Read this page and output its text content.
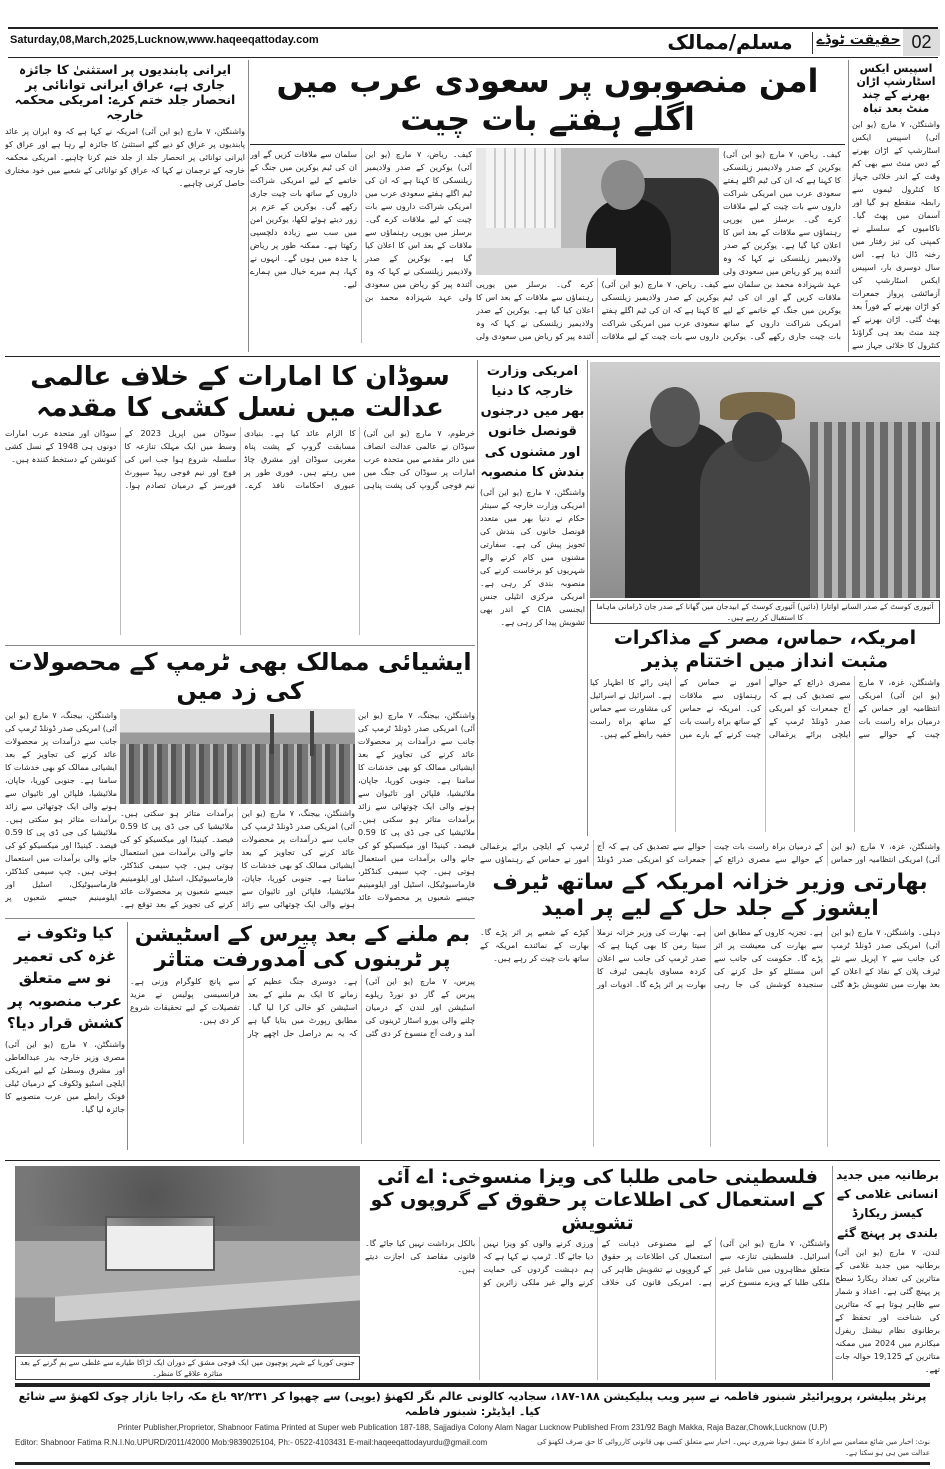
Saturday,08,March,2025,Lucknow,www.haqeeqattoday.com	مسلم/ممالک	حقیقت ٹوڈے 02
اسپیس ایکس اسٹارشپ اڑان بھرنے کے چند منٹ بعد تباہ
واشنگٹن، ۷ مارچ (یو این آئی) اسپیس ایکس اسٹارشپ کے اڑان بھرنے کے دس منٹ سے بھی کم وقت کے اندر خلائی جہاز کا کنٹرول ٹیموں سے رابطہ منقطع ہو گیا اور آسمان میں پھٹ گیا۔ ناکامیوں کے سلسلے نے کمپنی کی تیز رفتار میں رخنہ ڈال دیا ہے۔ اس سال دوسری بار، اسپیس ایکس اسٹارشپ کی آزمائشی پرواز جمعرات کو اڑان بھرنے کے فوراً بعد پھٹ گئی۔ اڑان بھرنے کے چند منٹ بعد ہی گراؤنڈ کنٹرول کا خلائی جہاز سے
امن منصوبوں پر سعودی عرب میں اگلے ہفتے بات چیت
کیف۔ ریاض، ۷ مارچ (یو این آئی) یوکرین کے صدر ولادیمیر زیلنسکی کا کہنا ہے کہ ان کی ٹیم اگلے ہفتے سعودی عرب میں امریکی شراکت داروں سے بات چیت کے لیے ملاقات کرے گی۔ برسلز میں یورپی رہنماؤں سے ملاقات کے بعد اس کا اعلان کیا گیا ہے۔ یوکرین کے صدر ولادیمیر زیلنسکی نے کہا کہ وہ آئندہ پیر کو ریاض میں سعودی ولی عہد شہزادہ محمد بن سلمان سے ملاقات کریں گے اور ان کی ٹیم یوکرین میں جنگ کے خاتمے کے لیے امریکی شراکت داروں کے ساتھ بات چیت جاری رکھے گی۔ یوکرین کے عزم پر زور دیتے ہوئے لکھا، یوکرین امن میں سب سے زیادہ دلچسپی رکھتا ہے۔ ممکنہ طور پر ریاض یا جدہ میں ہوں گے۔ انہوں نے کہا، ہم میرے خیال میں ہمارے لیے۔	کیف۔ ریاض، ۷ مارچ (یو این آئی) یوکرین کے صدر ولادیمیر زیلنسکی کا کہنا ہے کہ ان کی ٹیم اگلے ہفتے سعودی عرب میں امریکی شراکت داروں سے بات چیت کے لیے ملاقات کرے گی۔ برسلز میں یورپی رہنماؤں سے ملاقات کے بعد اس کا اعلان کیا گیا ہے۔ یوکرین کے صدر ولادیمیر زیلنسکی نے کہا کہ وہ آئندہ پیر کو ریاض میں سعودی ولی
کیف۔ ریاض، ۷ مارچ (یو این آئی) یوکرین کے صدر ولادیمیر زیلنسکی کا کہنا ہے کہ ان کی ٹیم اگلے ہفتے سعودی عرب میں امریکی شراکت داروں سے بات چیت کے لیے ملاقات کرے گی۔ برسلز میں یورپی رہنماؤں سے ملاقات کے بعد اس کا اعلان کیا گیا ہے۔ یوکرین کے صدر ولادیمیر زیلنسکی نے کہا کہ وہ آئندہ پیر کو ریاض میں سعودی ولی عہد شہزادہ محمد بن سلمان سے ملاقات کریں گے اور ان کی ٹیم یوکرین میں جنگ کے خاتمے کے لیے امریکی شراکت داروں کے ساتھ بات چیت جاری رکھے گی۔ یوکرین
ایرانی پابندیوں پر استثنیٰ کا جائزہ جاری ہے، عراق ایرانی توانائی پر انحصار جلد ختم کرے: امریکی محکمہ خارجہ
واشنگٹن، ۷ مارچ (یو این آئی) امریکہ نے کہا ہے کہ وہ ایران پر عائد پابندیوں پر عراق کو دیے گئے استثنیٰ کا جائزہ لے رہا ہے اور عراق کو ایرانی توانائی پر انحصار جلد از جلد ختم کرنا چاہیے۔ امریکی محکمہ خارجہ کے ترجمان نے کہا کہ عراق کو توانائی کے شعبے میں خود مختاری حاصل کرنی چاہیے۔
آئیوری کوسٹ کے صدر السانے اواتارا (دائیں) آئیوری کوسٹ کے ابیدجان میں گھانا کے صدر جان ڈرامانی ماہاما کا استقبال کر رہے ہیں۔
امریکہ، حماس، مصر کے مذاکرات مثبت انداز میں اختتام پذیر
واشنگٹن، غزہ، ۷ مارچ (یو این آئی) امریکی انتظامیہ اور حماس کے درمیان براہ راست بات چیت کے حوالے سے مصری ذرائع کے حوالے سے تصدیق کی ہے کہ آج جمعرات کو امریکی صدر ڈونلڈ ٹرمپ کے ایلچی برائے یرغمالی امور نے حماس کے رہنماؤں سے ملاقات کی۔ امریکہ نے حماس کے ساتھ براہ راست بات چیت کرنے کے بارے میں اپنی رائے کا اظہار کیا ہے۔ اسرائیل نے اسرائیل کی مشاورت سے حماس کے ساتھ براہ راست خفیہ رابطے کیے ہیں۔
سوڈان کا امارات کے خلاف عالمی عدالت میں نسل کشی کا مقدمہ
خرطوم، ۷ مارچ (یو این آئی) سوڈان نے عالمی عدالت انصاف میں دائر مقدمے میں متحدہ عرب امارات پر سوڈان کی جنگ میں نیم فوجی گروپ کی پشت پناہی کا الزام عائد کیا ہے۔ بنیادی مسابقت گروپ کے پشت پناہ مغربی سوڈان اور مشرق چاڈ میں رہتے ہیں۔ فوری طور پر عبوری احکامات نافذ کرے۔ سوڈان میں اپریل 2023 کے وسط میں ایک مہلک تنازعہ کا سلسلہ شروع ہوا جب اس کی فوج اور نیم فوجی ریپڈ سپورٹ فورسز کے درمیان تصادم ہوا۔ سوڈان اور متحدہ عرب امارات دونوں ہی 1948 کے نسل کشی کنونشن کے دستخط کنندہ ہیں۔
امریکی وزارت خارجہ کا دنیا بھر میں درجنوں قونصل خانوں اور مشنوں کی بندش کا منصوبہ
واشنگٹن، ۷ مارچ (یو این آئی) امریکی وزارت خارجہ کے سینئر حکام نے دنیا بھر میں متعدد قونصل خانوں کی بندش کی تجویز پیش کی ہے۔ سفارتی مشنوں میں کام کرنے والے شہریوں کو برخاست کرنے کی منصوبہ بندی کر رہی ہے۔ امریکی مرکزی انٹیلی جنس ایجنسی CIA کے اندر بھی تشویش پیدا کر رہی ہے۔
ایشیائی ممالک بھی ٹرمپ کے محصولات کی زد میں
واشنگٹن، بیجنگ، ۷ مارچ (یو این آئی) امریکی صدر ڈونلڈ ٹرمپ کی جانب سے درآمدات پر محصولات عائد کرنے کی تجاویز کے بعد ایشیائی ممالک کو بھی خدشات کا سامنا ہے۔ جنوبی کوریا، جاپان، ملائیشیا، فلپائن اور تائیوان سے ہونے والی ایک چوتھائی سے زائد برآمدات متاثر ہو سکتی ہیں۔ ملائیشیا کی جی ڈی پی کا 0.59 فیصد۔ کینیڈا اور میکسیکو کو کی جانے والی برآمدات میں استعمال ہوتی ہیں۔ چپ سیمی کنڈکٹر، فارماسیوٹیکل، اسٹیل اور ایلومینیم جیسے شعبوں پر
واشنگٹن، بیجنگ، ۷ مارچ (یو این آئی) امریکی صدر ڈونلڈ ٹرمپ کی جانب سے درآمدات پر محصولات عائد کرنے کی تجاویز کے بعد ایشیائی ممالک کو بھی خدشات کا سامنا ہے۔ جنوبی کوریا، جاپان، ملائیشیا، فلپائن اور تائیوان سے ہونے والی ایک چوتھائی سے زائد برآمدات متاثر ہو سکتی ہیں۔ ملائیشیا کی جی ڈی پی کا 0.59 فیصد۔ کینیڈا اور میکسیکو کو کی جانے والی برآمدات میں استعمال ہوتی ہیں۔ چپ سیمی کنڈکٹر، فارماسیوٹیکل، اسٹیل اور ایلومینیم جیسے شعبوں پر محصولات عائد کرنے کی تجویز کے بعد توقع ہے۔
واشنگٹن، بیجنگ، ۷ مارچ (یو این آئی) امریکی صدر ڈونلڈ ٹرمپ کی جانب سے درآمدات پر محصولات عائد کرنے کی تجاویز کے بعد ایشیائی ممالک کو بھی خدشات کا سامنا ہے۔ جنوبی کوریا، جاپان، ملائیشیا، فلپائن اور تائیوان سے ہونے والی ایک چوتھائی سے زائد برآمدات متاثر ہو سکتی ہیں۔ ملائیشیا کی جی ڈی پی کا 0.59 فیصد۔ کینیڈا اور میکسیکو کو کی جانے والی برآمدات میں استعمال ہوتی ہیں۔ چپ سیمی کنڈکٹر، فارماسیوٹیکل، اسٹیل اور ایلومینیم جیسے شعبوں پر محصولات عائد
واشنگٹن، غزہ، ۷ مارچ (یو این آئی) امریکی انتظامیہ اور حماس کے درمیان براہ راست بات چیت کے حوالے سے مصری ذرائع کے حوالے سے تصدیق کی ہے کہ آج جمعرات کو امریکی صدر ڈونلڈ ٹرمپ کے ایلچی برائے یرغمالی امور نے حماس کے رہنماؤں سے
بھارتی وزیر خزانہ امریکہ کے ساتھ ٹیرف ایشوز کے جلد حل کے لیے پر امید
دہلی۔ واشنگٹن، ۷ مارچ (یو این آئی) امریکی صدر ڈونلڈ ٹرمپ کی جانب سے ۲ اپریل سے نئے ٹیرف پلان کے نفاذ کے اعلان کے بعد بھارت میں تشویش بڑھ گئی ہے۔ تجزیہ کاروں کے مطابق اس سے بھارت کی معیشت پر اثر پڑے گا۔ حکومت کی جانب سے اس مسئلے کو حل کرنے کی سنجیدہ کوشش کی جا رہی ہے۔ بھارت کی وزیر خزانہ نرملا سیتا رمن کا بھی کہنا ہے کہ صدر ٹرمپ کی جانب سے اعلان کردہ مساوی باہمی ٹیرف کا بھارت پر اثر پڑے گا۔ ادویات اور کپڑے کے شعبے پر اثر پڑے گا۔ بھارت کے نمائندے امریکہ کے ساتھ بات چیت کر رہے ہیں۔
بم ملنے کے بعد پیرس کے اسٹیشن پر ٹرینوں کی آمدورفت متاثر
پیرس، ۷ مارچ (یو این آئی) پیرس کے گار دو نورڈ ریلوے اسٹیشن اور لندن کے درمیان چلنے والی یورو اسٹار ٹرینوں کی آمد و رفت آج منسوخ کر دی گئی ہے۔ دوسری جنگ عظیم کے زمانے کا ایک بم ملنے کے بعد اسٹیشن کو خالی کرا لیا گیا۔ مطابق رپورٹ میں بتایا گیا ہے کہ یہ بم دراصل حل اچھے چار سے پانچ کلوگرام وزنی ہے۔ فرانسیسی پولیس نے مزید تفصیلات کے لیے تحقیقات شروع کر دی ہیں۔
کیا وٹکوف نے غزہ کی تعمیر نو سے متعلق عرب منصوبہ پر کشش قرار دیا؟
واشنگٹن، ۷ مارچ (یو این آئی) مصری وزیر خارجہ بدر عبدالعاطی اور مشرق وسطیٰ کے لیے امریکی ایلچی اسٹیو وٹکوف کے درمیان ٹیلی فونک رابطے میں عرب منصوبے کا جائزہ لیا گیا۔
جنوبی کوریا کے شہر پوچیون میں ایک فوجی مشق کے دوران ایک لڑاکا طیارے سے غلطی سے بم گرنے کے بعد متاثرہ علاقے کا منظر۔
فلسطینی حامی طلبا کی ویزا منسوخی: اے آئی کے استعمال کی اطلاعات پر حقوق کے گروپوں کو تشویش
واشنگٹن، ۷ مارچ (یو این آئی) اسرائیل۔ فلسطینی تنازعہ سے متعلق مظاہروں میں شامل غیر ملکی طلبا کے ویزے منسوخ کرنے کے لیے مصنوعی ذہانت کے استعمال کی اطلاعات پر حقوق کے گروپوں نے تشویش ظاہر کی ہے۔ امریکی قانون کی خلاف ورزی کرنے والوں کو ویزا نہیں دیا جائے گا۔ ٹرمپ نے کہا ہے کہ ہم دہشت گردوں کی حمایت کرنے والے غیر ملکی زائرین کو بالکل برداشت نہیں کیا جائے گا۔ قانونی مقاصد کی اجازت دیتے ہیں۔
برطانیہ میں جدید انسانی غلامی کے کیسز ریکارڈ بلندی پر پہنچ گئے
لندن، ۷ مارچ (یو این آئی) برطانیہ میں جدید غلامی کے متاثرین کی تعداد ریکارڈ سطح پر پہنچ گئی ہے۔ اعداد و شمار سے ظاہر ہوتا ہے کہ متاثرین کی شناخت اور تحفظ کے برطانوی نظام نیشنل ریفرل میکانزم میں 2024 میں ممکنہ متاثرین کے 19,125 حوالہ جات تھے۔
پرنٹر پبلیشر، پروپرائیٹر شبنور فاطمہ نے سپر ویب پبلیکیشن ۱۸۸-۱۸۷، سجادیہ کالونی عالم نگر لکھنؤ (یوپی) سے چھپوا کر ۹۲/۲۳۱ باغ مکہ راجا بازار چوک لکھنؤ سے شائع کیا۔ ایڈیٹر: شبنور فاطمہ
Printer Publisher,Proprietor, Shabnoor Fatima Printed at Super web Publication 187-188, Sajjadiya Colony Alam Nagar Lucknow Published From 231/92 Bagh Makka, Raja Bazar,Chowk,Lucknow (U.P)
Editor: Shabnoor Fatima R.N.I.No.UPURD/2011/42000 Mob:9839025104, Ph:- 0522-4103431 E-mail:haqeeqattodayurdu@gmail.com	نوٹ: اخبار میں شائع مضامین سے ادارہ کا متفق ہونا ضروری نہیں۔ اخبار سے متعلق کسی بھی قانونی کارروائی کا حق صرف لکھنؤ کی عدالت میں ہی ہو سکتا ہے۔
